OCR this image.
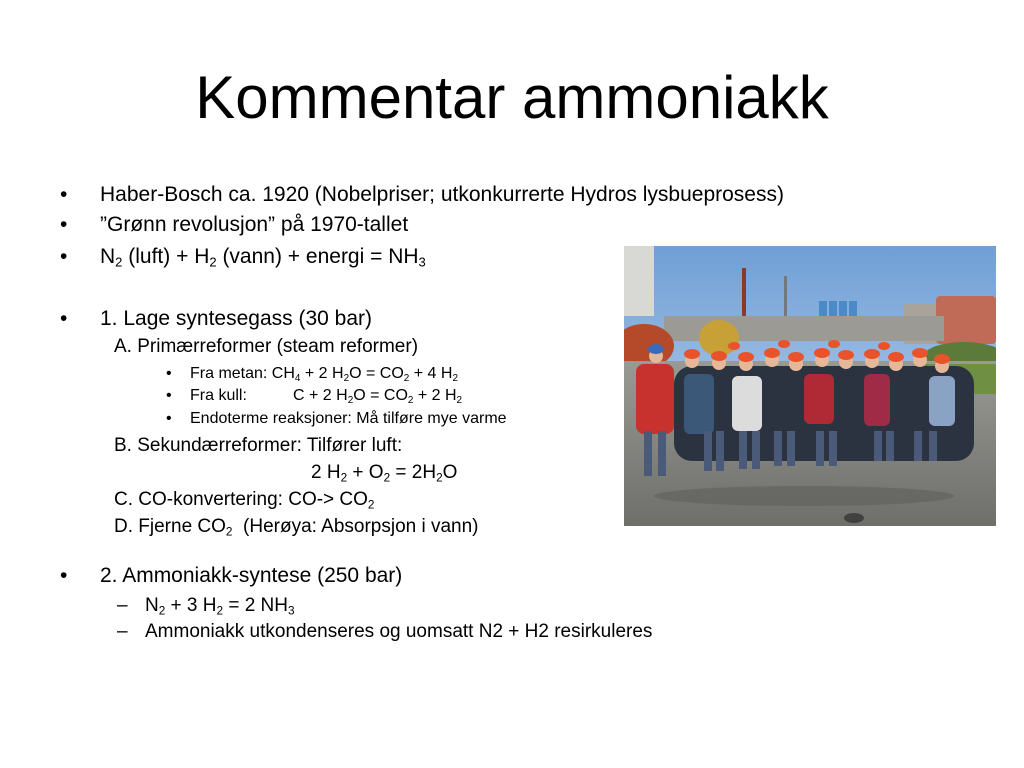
Kommentar ammoniakk
• Haber-Bosch ca. 1920 (Nobelpriser; utkonkurrerte Hydros lysbueprosess)
• ”Grønn revolusjon” på 1970-tallet
• $N_2$ (luft) + $H_2$ (vann) + energi = $NH_3$
• 1. Lage syntesegass (30 bar)
A. Primærreformer (steam reformer)
• Fra metan: $CH_4 + 2$ $H_2O = CO_2 + 4$ $H_2$
• Fra kull:	C + 2 $H_2O = CO_2 + 2$ $H_2$
• Endoterme reaksjoner: Må tilføre mye varme
B. Sekundærreformer: Tilfører luft:
2 $H_2 + O_2 = 2H_2O$
C. CO-konvertering: $CO-> CO_2$
D. Fjerne $CO_2$  (Herøya: Absorpsjon i vann)
• 2. Ammoniakk-syntese (250 bar)
– $N_2 + 3$ $H_2 = 2$ $NH_3$
– Ammoniakk utkondenseres og uomsatt N2 + H2 resirkuleres
